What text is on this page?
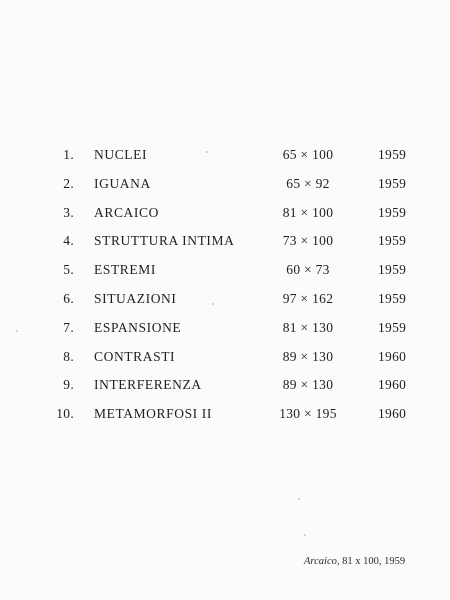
1. NUCLEI	65 × 100	1959
2. IGUANA	65 × 92	1959
3. ARCAICO	81 × 100	1959
4. STRUTTURA INTIMA	73 × 100	1959
5. ESTREMI	60 × 73	1959
6. SITUAZIONI	97 × 162	1959
7. ESPANSIONE	81 × 130	1959
8. CONTRASTI	89 × 130	1960
9. INTERFERENZA	89 × 130	1960
10. METAMORFOSI II	130 × 195	1960
Arcaico, 81 x 100, 1959
